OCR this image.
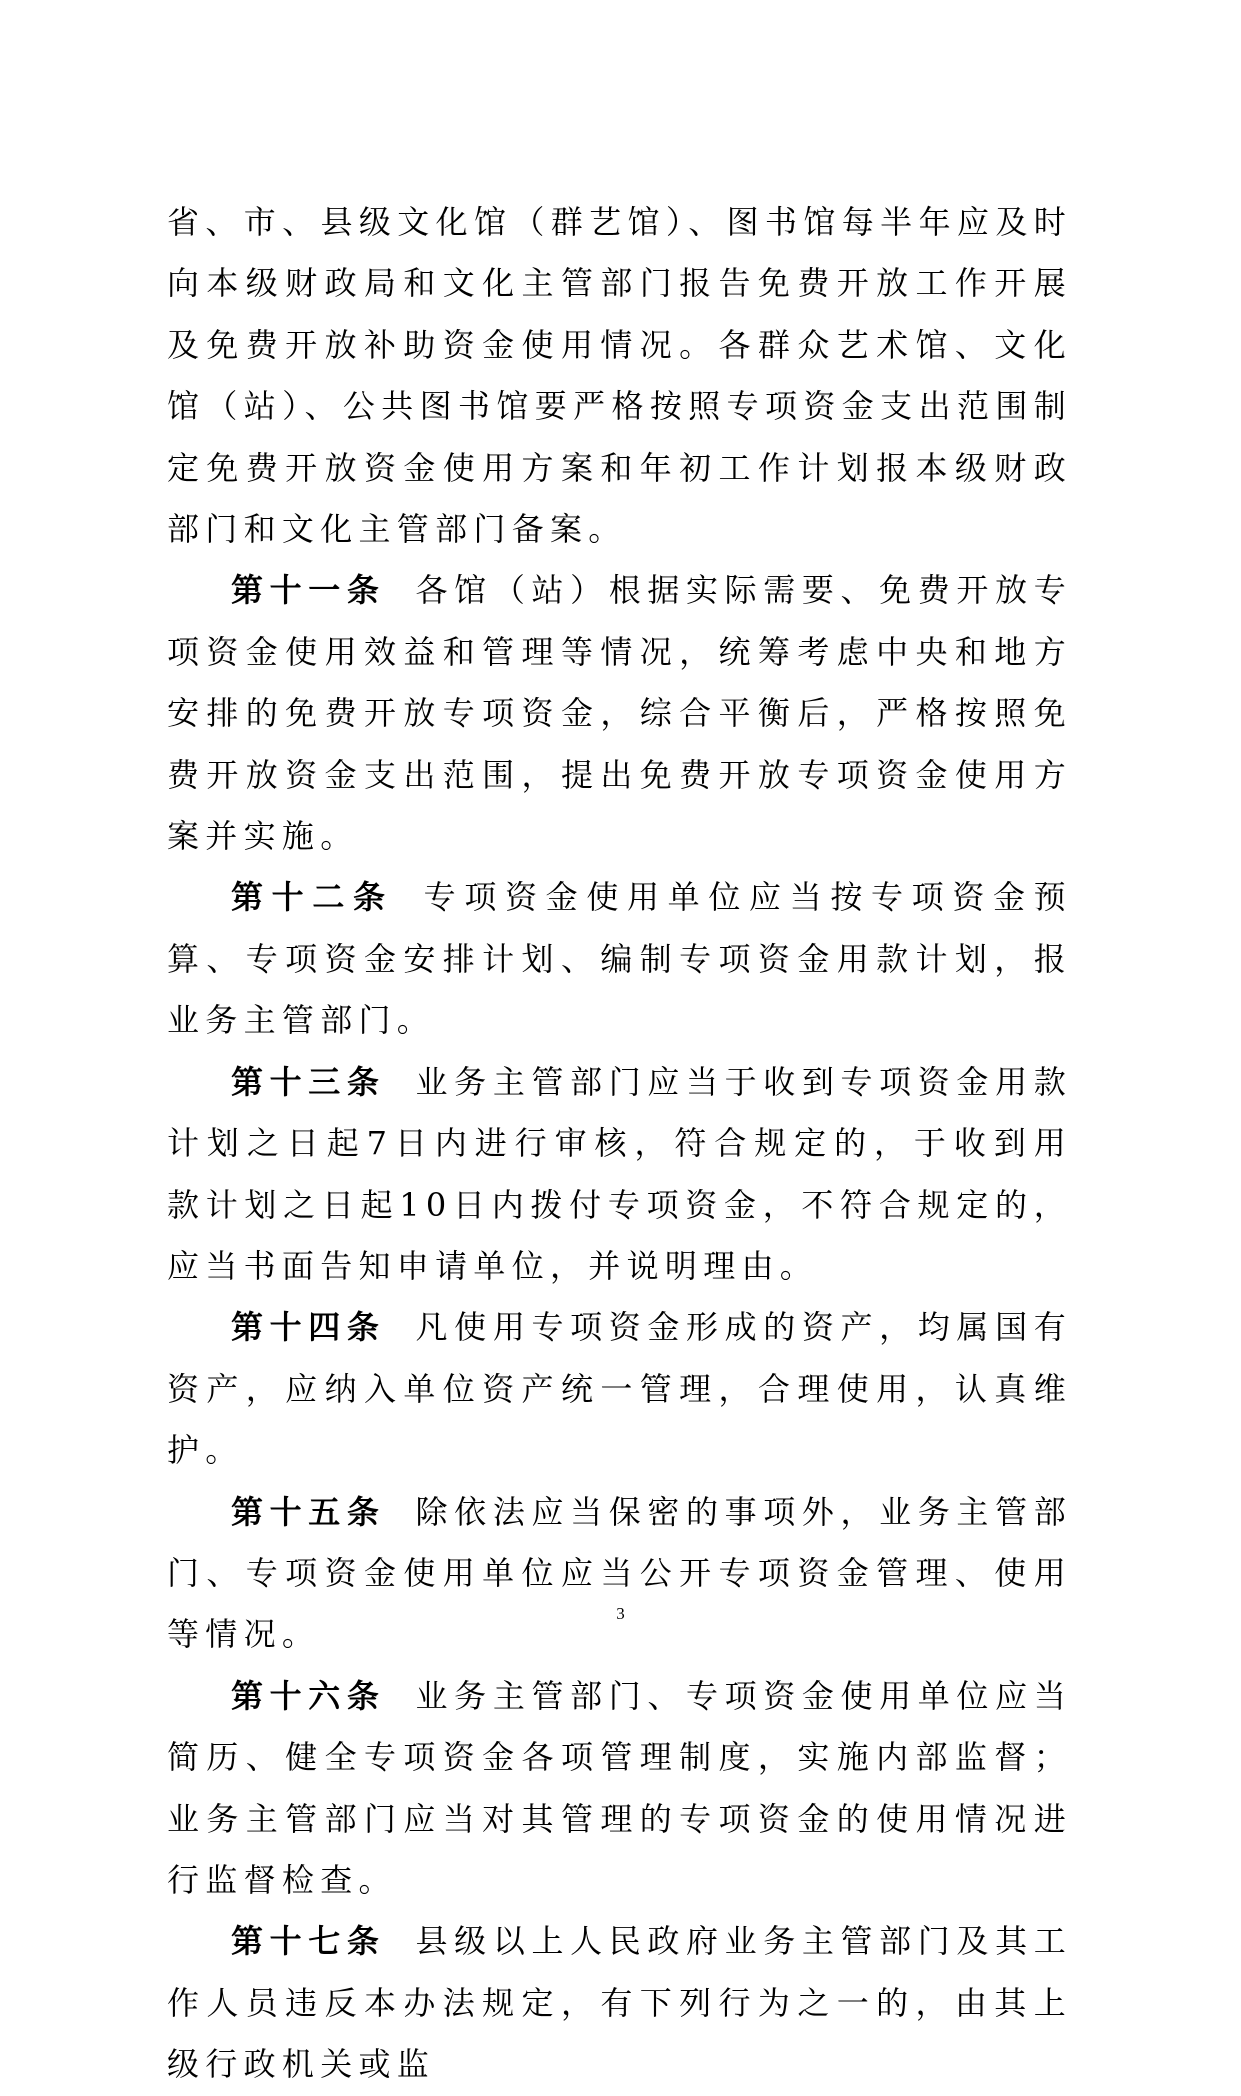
省、市、县级文化馆（群艺馆）、图书馆每半年应及时向本级财政局和文化主管部门报告免费开放工作开展及免费开放补助资金使用情况。各群众艺术馆、文化馆（站）、公共图书馆要严格按照专项资金支出范围制定免费开放资金使用方案和年初工作计划报本级财政部门和文化主管部门备案。

第十一条 各馆（站）根据实际需要、免费开放专项资金使用效益和管理等情况，统筹考虑中央和地方安排的免费开放专项资金，综合平衡后，严格按照免费开放资金支出范围，提出免费开放专项资金使用方案并实施。

第十二条 专项资金使用单位应当按专项资金预算、专项资金安排计划、编制专项资金用款计划，报业务主管部门。

第十三条 业务主管部门应当于收到专项资金用款计划之日起7日内进行审核，符合规定的，于收到用款计划之日起10日内拨付专项资金，不符合规定的，应当书面告知申请单位，并说明理由。

第十四条 凡使用专项资金形成的资产，均属国有资产，应纳入单位资产统一管理，合理使用，认真维护。

第十五条 除依法应当保密的事项外，业务主管部门、专项资金使用单位应当公开专项资金管理、使用等情况。

第十六条 业务主管部门、专项资金使用单位应当简历、健全专项资金各项管理制度，实施内部监督；业务主管部门应当对其管理的专项资金的使用情况进行监督检查。

第十七条 县级以上人民政府业务主管部门及其工作人员违反本办法规定，有下列行为之一的，由其上级行政机关或监

3
